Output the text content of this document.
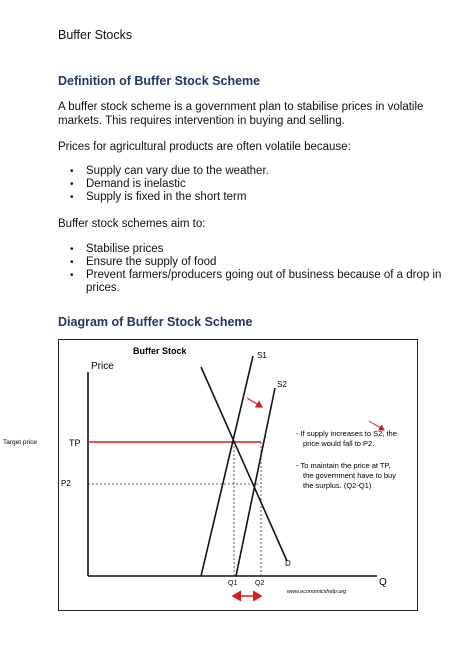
Buffer Stocks
Definition of Buffer Stock Scheme
A buffer stock scheme is a government plan to stabilise prices in volatile
markets. This requires intervention in buying and selling.
Prices for agricultural products are often volatile because:
• Supply can vary due to the weather.
• Demand is inelastic
• Supply is fixed in the short term
Buffer stock schemes aim to:
• Stabilise prices
• Ensure the supply of food
• Prevent farmers/producers going out of business because of a drop in
prices.
Diagram of Buffer Stock Scheme
Buffer Stock
Price
Q
Target price	TP
P2
Q1	Q2
S1
S2
D
- If supply increases to S2, the
price would fall to P2.
- To maintain the price at TP,
the government have to buy
the surplus. (Q2-Q1)
www.economicshelp.org
